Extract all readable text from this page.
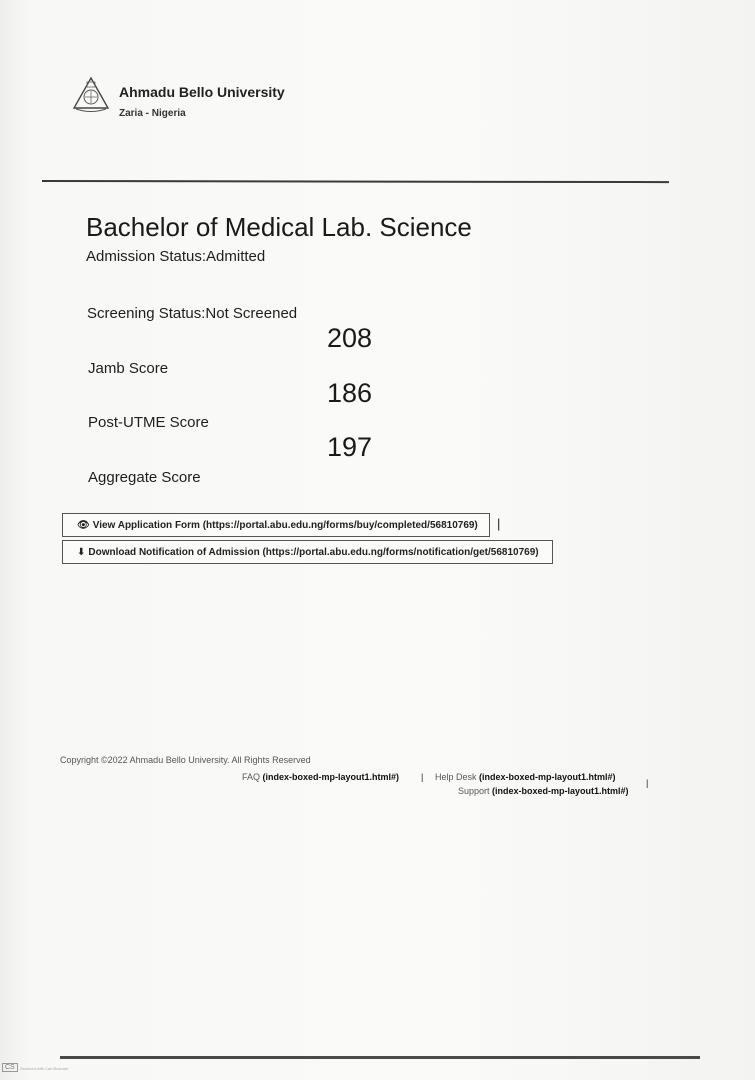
Ahmadu Bello University
Zaria - Nigeria
Bachelor of Medical Lab. Science
Admission Status:Admitted
Screening Status:Not Screened
208
Jamb Score
186
Post-UTME Score
197
Aggregate Score
👁 View Application Form (https://portal.abu.edu.ng/forms/buy/completed/56810769) |
⬇ Download Notification of Admission (https://portal.abu.edu.ng/forms/notification/get/56810769)
Copyright ©2022 Ahmadu Bello University. All Rights Reserved
FAQ (index-boxed-mp-layout1.html#) | Help Desk (index-boxed-mp-layout1.html#)
|
Support (index-boxed-mp-layout1.html#)
CS	Scanned with CamScanner
